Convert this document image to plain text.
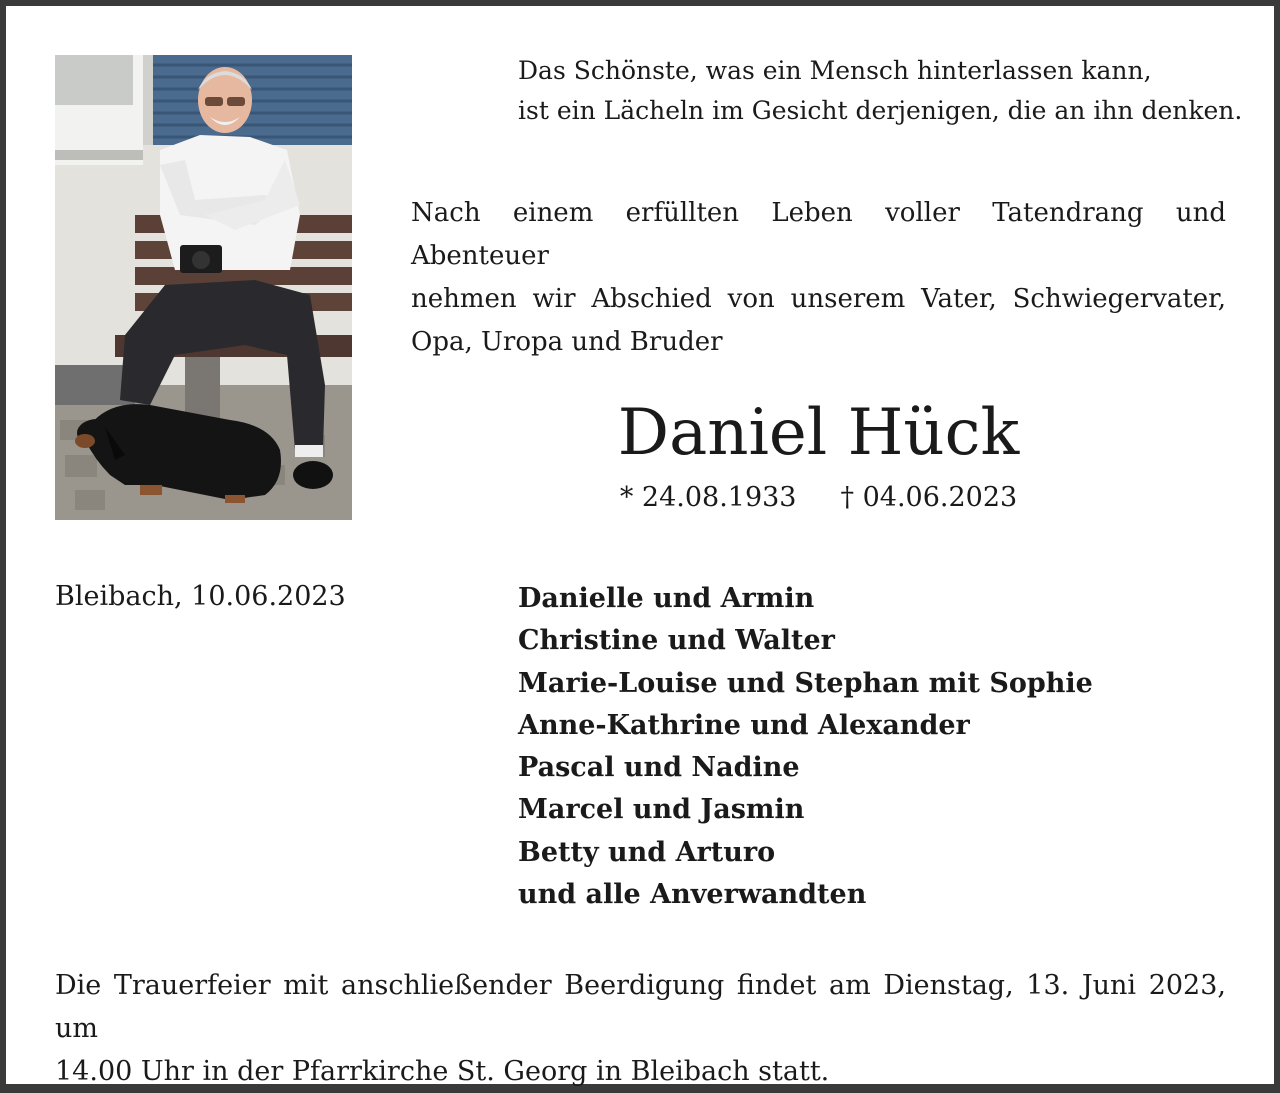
Das Schönste, was ein Mensch hinterlassen kann,
ist ein Lächeln im Gesicht derjenigen, die an ihn denken.
Nach einem erfüllten Leben voller Tatendrang und Abenteuer
nehmen wir Abschied von unserem Vater, Schwiegervater,
Opa, Uropa und Bruder
Daniel Hück
* 24.08.1933 † 04.06.2023
Bleibach, 10.06.2023	Danielle und Armin
Christine und Walter
Marie-Louise und Stephan mit Sophie
Anne-Kathrine und Alexander
Pascal und Nadine
Marcel und Jasmin
Betty und Arturo
und alle Anverwandten
Die Trauerfeier mit anschließender Beerdigung findet am Dienstag, 13. Juni 2023, um
14.00 Uhr in der Pfarrkirche St. Georg in Bleibach statt.
